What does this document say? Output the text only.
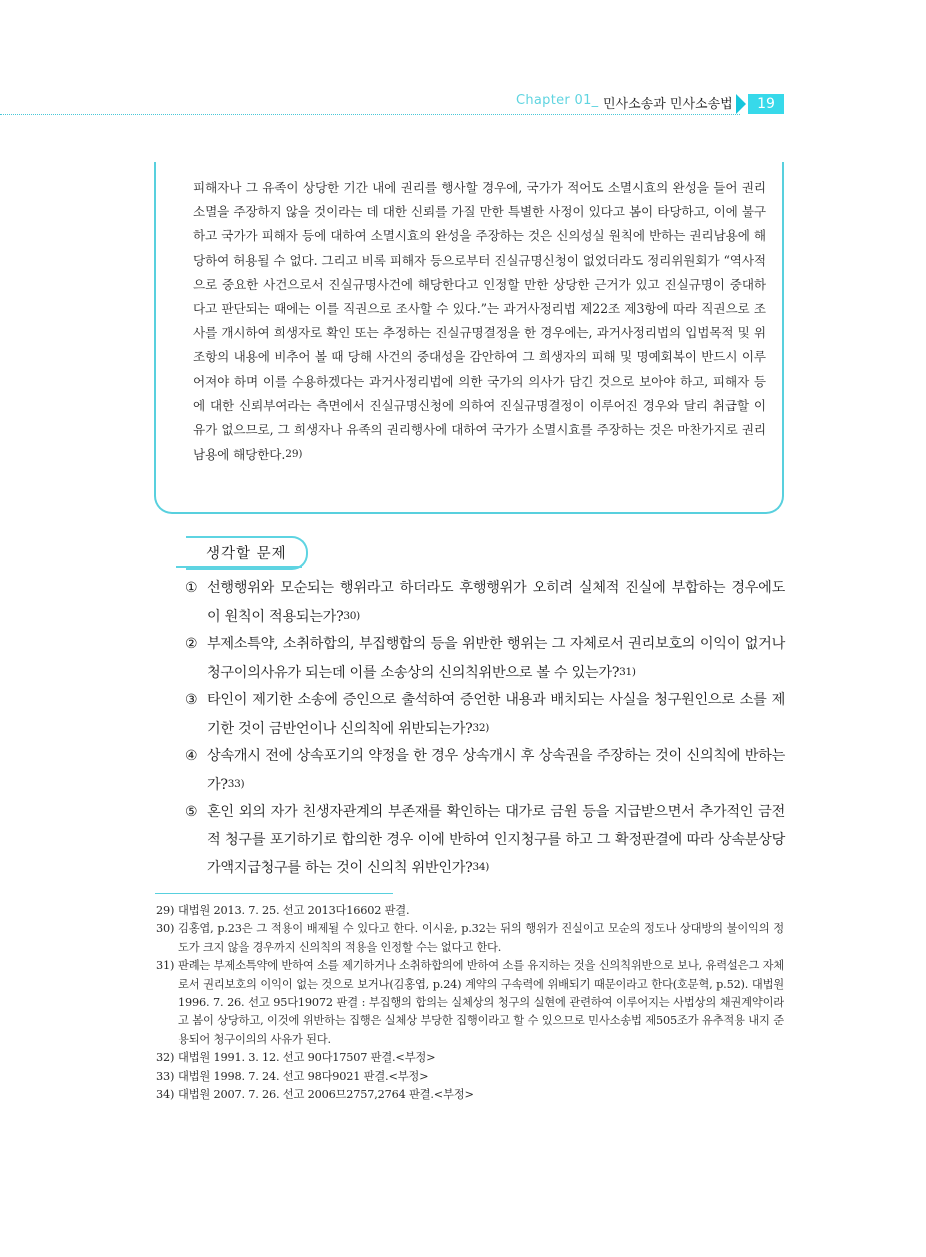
Chapter 01_ 민사소송과 민사소송법	19
피해자나 그 유족이 상당한 기간 내에 권리를 행사할 경우에, 국가가 적어도 소멸시효의 완성을 들어 권리소멸을 주장하지 않을 것이라는 데 대한 신뢰를 가질 만한 특별한 사정이 있다고 봄이 타당하고, 이에 불구하고 국가가 피해자 등에 대하여 소멸시효의 완성을 주장하는 것은 신의성실 원칙에 반하는 권리남용에 해당하여 허용될 수 없다. 그리고 비록 피해자 등으로부터 진실규명신청이 없었더라도 정리위원회가 “역사적으로 중요한 사건으로서 진실규명사건에 해당한다고 인정할 만한 상당한 근거가 있고 진실규명이 중대하다고 판단되는 때에는 이를 직권으로 조사할 수 있다.”는 과거사정리법 제22조 제3항에 따라 직권으로 조사를 개시하여 희생자로 확인 또는 추정하는 진실규명결정을 한 경우에는, 과거사정리법의 입법목적 및 위 조항의 내용에 비추어 볼 때 당해 사건의 중대성을 감안하여 그 희생자의 피해 및 명예회복이 반드시 이루어져야 하며 이를 수용하겠다는 과거사정리법에 의한 국가의 의사가 담긴 것으로 보아야 하고, 피해자 등에 대한 신뢰부여라는 측면에서 진실규명신청에 의하여 진실규명결정이 이루어진 경우와 달리 취급할 이유가 없으므로, 그 희생자나 유족의 권리행사에 대하여 국가가 소멸시효를 주장하는 것은 마찬가지로 권리남용에 해당한다.29)
생각할 문제
① 선행행위와 모순되는 행위라고 하더라도 후행행위가 오히려 실체적 진실에 부합하는 경우에도 이 원칙이 적용되는가?30)
② 부제소특약, 소취하합의, 부집행합의 등을 위반한 행위는 그 자체로서 권리보호의 이익이 없거나 청구이의사유가 되는데 이를 소송상의 신의칙위반으로 볼 수 있는가?31)
③ 타인이 제기한 소송에 증인으로 출석하여 증언한 내용과 배치되는 사실을 청구원인으로 소를 제기한 것이 금반언이나 신의칙에 위반되는가?32)
④ 상속개시 전에 상속포기의 약정을 한 경우 상속개시 후 상속권을 주장하는 것이 신의칙에 반하는가?33)
⑤ 혼인 외의 자가 친생자관계의 부존재를 확인하는 대가로 금원 등을 지급받으면서 추가적인 금전적 청구를 포기하기로 합의한 경우 이에 반하여 인지청구를 하고 그 확정판결에 따라 상속분상당 가액지급청구를 하는 것이 신의칙 위반인가?34)
29) 대법원 2013. 7. 25. 선고 2013다16602 판결.
30) 김홍엽, p.23은 그 적용이 배제될 수 있다고 한다. 이시윤, p.32는 뒤의 행위가 진실이고 모순의 정도나 상대방의 불이익의 정도가 크지 않을 경우까지 신의칙의 적용을 인정할 수는 없다고 한다.
31) 판례는 부제소특약에 반하여 소를 제기하거나 소취하합의에 반하여 소를 유지하는 것을 신의칙위반으로 보나, 유력설은그 자체로서 권리보호의 이익이 없는 것으로 보거나(김홍엽, p.24) 계약의 구속력에 위배되기 때문이라고 한다(호문혁, p.52). 대법원 1996. 7. 26. 선고 95다19072 판결 : 부집행의 합의는 실체상의 청구의 실현에 관련하여 이루어지는 사법상의 채권계약이라고 봄이 상당하고, 이것에 위반하는 집행은 실체상 부당한 집행이라고 할 수 있으므로 민사소송법 제505조가 유추적용 내지 준용되어 청구이의의 사유가 된다.
32) 대법원 1991. 3. 12. 선고 90다17507 판결.<부정>
33) 대법원 1998. 7. 24. 선고 98다9021 판결.<부정>
34) 대법원 2007. 7. 26. 선고 2006므2757,2764 판결.<부정>
